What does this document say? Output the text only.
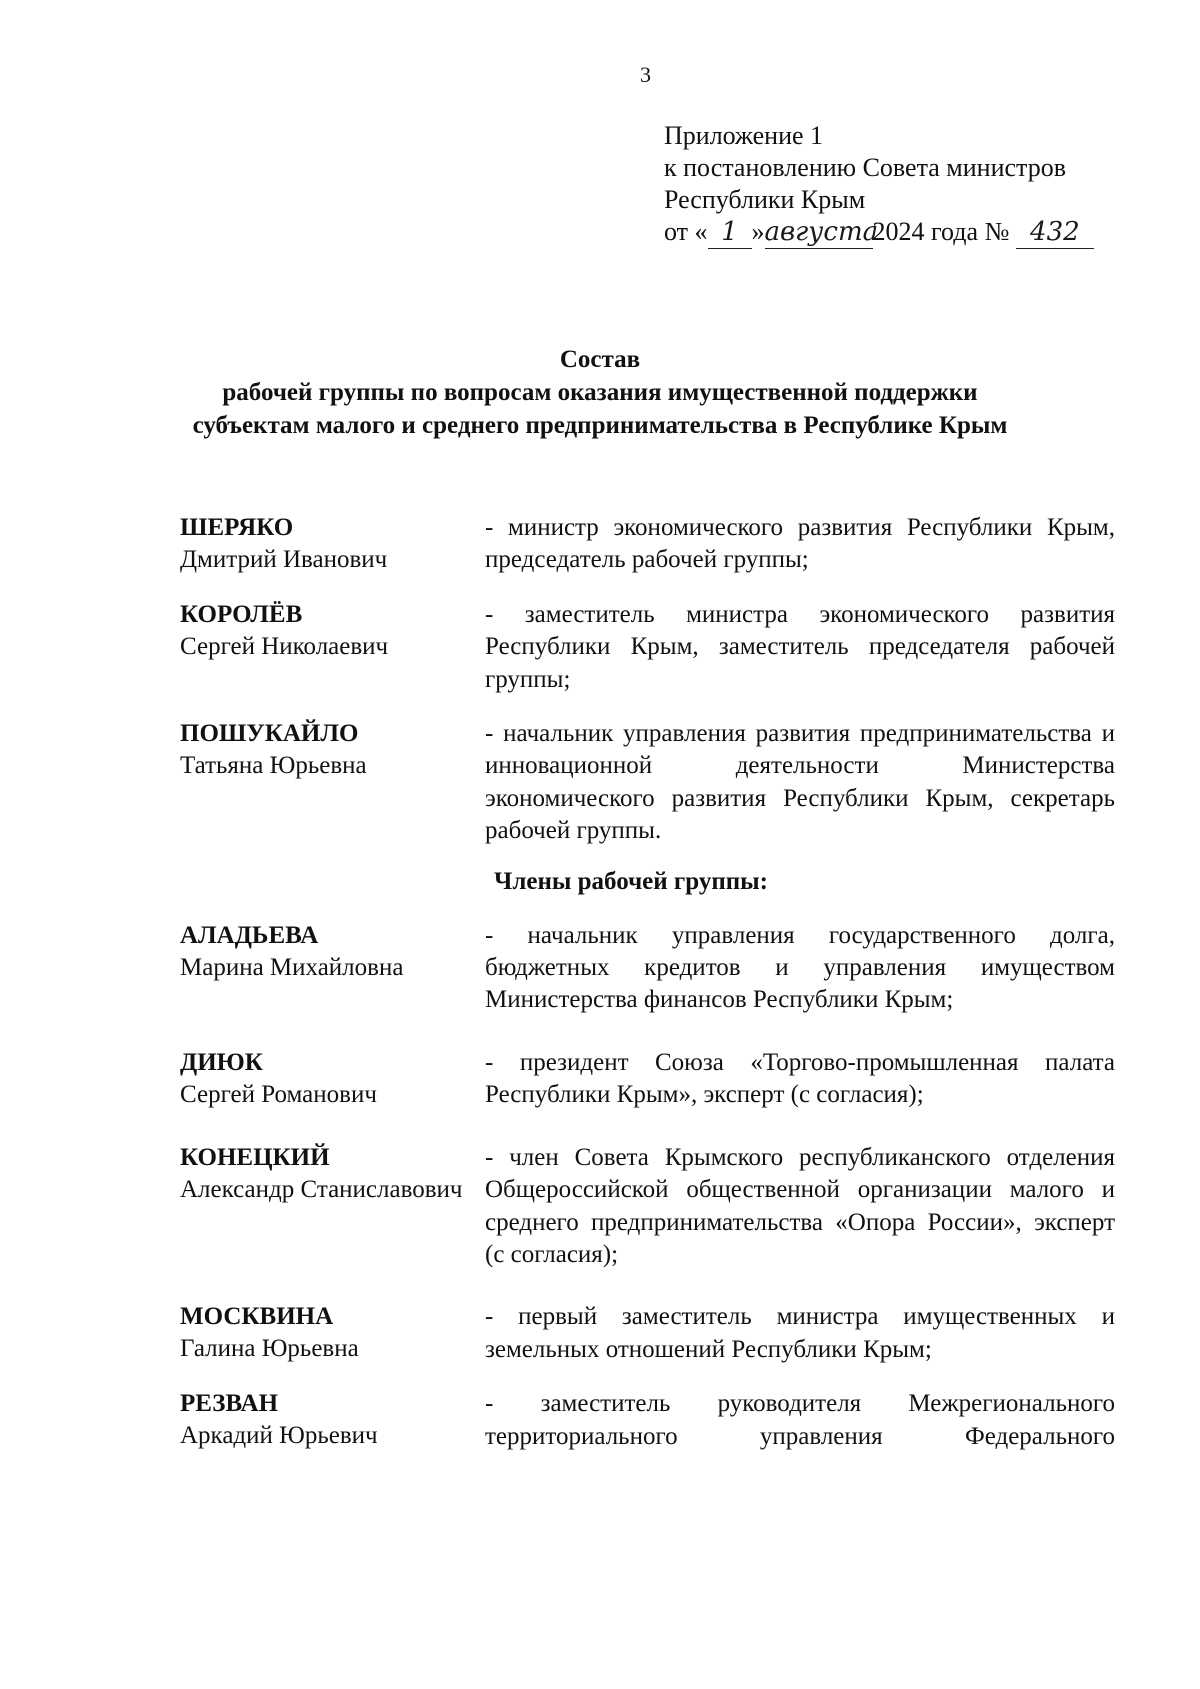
3
Приложение 1
к постановлению Совета министров
Республики Крым
от « 1 »августа2024 года № 432
Состав
рабочей группы по вопросам оказания имущественной поддержки
субъектам малого и среднего предпринимательства в Республике Крым
ШЕРЯКО
Дмитрий Иванович
- министр экономического развития Республики Крым, председатель рабочей группы;
КОРОЛЁВ
Сергей Николаевич
- заместитель министра экономического развития Республики Крым, заместитель председателя рабочей группы;
ПОШУКАЙЛО
Татьяна Юрьевна
- начальник управления развития предпринимательства и инновационной деятельности Министерства экономического развития Республики Крым, секретарь рабочей группы.
Члены рабочей группы:
АЛАДЬЕВА
Марина Михайловна
- начальник управления государственного долга, бюджетных кредитов и управления имуществом Министерства финансов Республики Крым;
ДИЮК
Сергей Романович
- президент Союза «Торгово-промышленная палата Республики Крым», эксперт (с согласия);
КОНЕЦКИЙ
Александр Станиславович
- член Совета Крымского республиканского отделения Общероссийской общественной организации малого и среднего предпринимательства «Опора России», эксперт (с согласия);
МОСКВИНА
Галина Юрьевна
- первый заместитель министра имущественных и земельных отношений Республики Крым;
РЕЗВАН
Аркадий Юрьевич
- заместитель руководителя Межрегионального территориального управления Федерального
